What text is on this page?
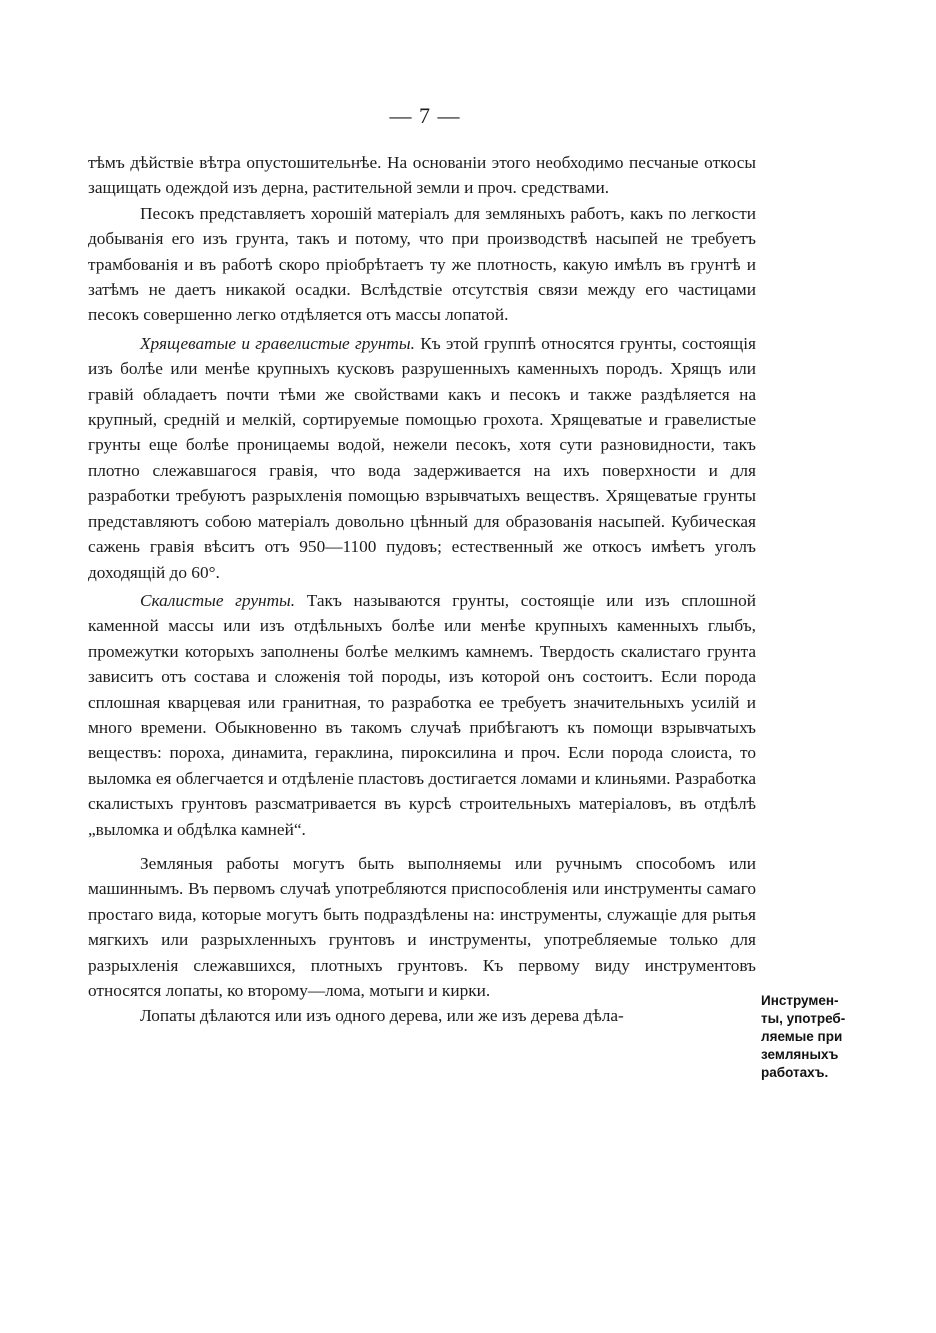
— 7 —

тѣмъ дѣйствіе вѣтра опустошительнѣе. На основаніи этого необходимо песчаные откосы защищать одеждой изъ дерна, растительной земли и проч. средствами.

Песокъ представляетъ хорошій матеріалъ для земляныхъ работъ, какъ по легкости добыванія его изъ грунта, такъ и потому, что при производствѣ насыпей не требуетъ трамбованія и въ работѣ скоро пріобрѣтаетъ ту же плотность, какую имѣлъ въ грунтѣ и затѣмъ не даетъ никакой осадки. Вслѣдствіе отсутствія связи между его частицами песокъ совершенно легко отдѣляется отъ массы лопатой.

Хрящеватые и гравелистые грунты. Къ этой группѣ относятся грунты, состоящія изъ болѣе или менѣе крупныхъ кусковъ разрушенныхъ каменныхъ породъ. Хрящъ или гравій обладаетъ почти тѣми же свойствами какъ и песокъ и также раздѣляется на крупный, средній и мелкій, сортируемые помощью грохота. Хрящеватые и гравелистые грунты еще болѣе проницаемы водой, нежели песокъ, хотя сути разновидности, такъ плотно слежавшагося гравія, что вода задерживается на ихъ поверхности и для разработки требуютъ разрыхленія помощью взрывчатыхъ веществъ. Хрящеватые грунты представляютъ собою матеріалъ довольно цѣнный для образованія насыпей. Кубическая сажень гравія вѣситъ отъ 950—1100 пудовъ; естественный же откосъ имѣетъ уголъ доходящій до 60°.

Скалистые грунты. Такъ называются грунты, состоящіе или изъ сплошной каменной массы или изъ отдѣльныхъ болѣе или менѣе крупныхъ каменныхъ глыбъ, промежутки которыхъ заполнены болѣе мелкимъ камнемъ. Твердость скалистаго грунта зависитъ отъ состава и сложенія той породы, изъ которой онъ состоитъ. Если порода сплошная кварцевая или гранитная, то разработка ее требуетъ значительныхъ усилій и много времени. Обыкновенно въ такомъ случаѣ прибѣгаютъ къ помощи взрывчатыхъ веществъ: пороха, динамита, гераклина, пироксилина и проч. Если порода слоиста, то выломка ея облегчается и отдѣленіе пластовъ достигается ломами и клиньями. Разработка скалистыхъ грунтовъ разсматривается въ курсѣ строительныхъ матеріаловъ, въ отдѣлѣ „выломка и обдѣлка камней“.

Земляныя работы могутъ быть выполняемы или ручнымъ способомъ или машиннымъ. Въ первомъ случаѣ употребляются приспособленія или инструменты самаго простаго вида, которые могутъ быть подраздѣлены на: инструменты, служащіе для рытья мягкихъ или разрыхленныхъ грунтовъ и инструменты, употребляемые только для разрыхленія слежавшихся, плотныхъ грунтовъ. Къ первому виду инструментовъ относятся лопаты, ко второму—лома, мотыги и кирки.

Лопаты дѣлаются или изъ одного дерева, или же изъ дерева дѣла-

Инструмен-
ты, употреб-
ляемые при
земляныхъ
работахъ.
